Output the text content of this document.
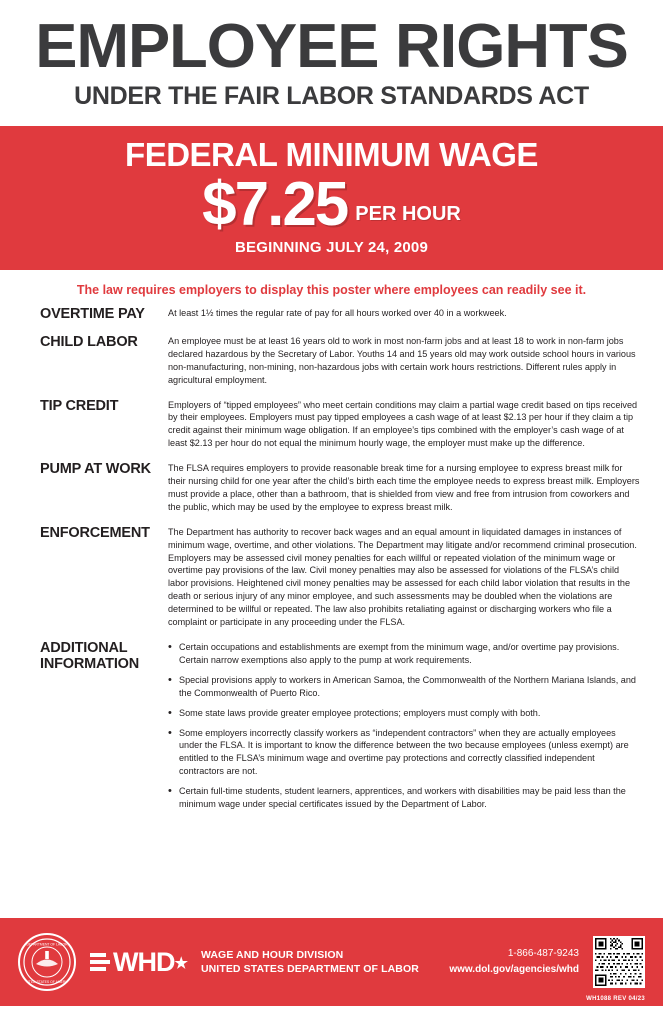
EMPLOYEE RIGHTS
UNDER THE FAIR LABOR STANDARDS ACT
FEDERAL MINIMUM WAGE
$7.25 PER HOUR
BEGINNING JULY 24, 2009
The law requires employers to display this poster where employees can readily see it.
OVERTIME PAY	At least 1½ times the regular rate of pay for all hours worked over 40 in a workweek.

CHILD LABOR	An employee must be at least 16 years old to work in most non-farm jobs and at least 18 to work in non-farm jobs declared hazardous by the Secretary of Labor. Youths 14 and 15 years old may work outside school hours in various non-manufacturing, non-mining, non-hazardous jobs with certain work hours restrictions. Different rules apply in agricultural employment.

TIP CREDIT	Employers of “tipped employees” who meet certain conditions may claim a partial wage credit based on tips received by their employees. Employers must pay tipped employees a cash wage of at least $2.13 per hour if they claim a tip credit against their minimum wage obligation. If an employee’s tips combined with the employer’s cash wage of at least $2.13 per hour do not equal the minimum hourly wage, the employer must make up the difference.

PUMP AT WORK	The FLSA requires employers to provide reasonable break time for a nursing employee to express breast milk for their nursing child for one year after the child’s birth each time the employee needs to express breast milk. Employers must provide a place, other than a bathroom, that is shielded from view and free from intrusion from coworkers and the public, which may be used by the employee to express breast milk.

ENFORCEMENT	The Department has authority to recover back wages and an equal amount in liquidated damages in instances of minimum wage, overtime, and other violations. The Department may litigate and/or recommend criminal prosecution. Employers may be assessed civil money penalties for each willful or repeated violation of the minimum wage or overtime pay provisions of the law. Civil money penalties may also be assessed for violations of the FLSA’s child labor provisions. Heightened civil money penalties may be assessed for each child labor violation that results in the death or serious injury of any minor employee, and such assessments may be doubled when the violations are determined to be willful or repeated. The law also prohibits retaliating against or discharging workers who file a complaint or participate in any proceeding under the FLSA.

ADDITIONAL
INFORMATION
• Certain occupations and establishments are exempt from the minimum wage, and/or overtime pay provisions. Certain narrow exemptions also apply to the pump at work requirements.
• Special provisions apply to workers in American Samoa, the Commonwealth of the Northern Mariana Islands, and the Commonwealth of Puerto Rico.
• Some state laws provide greater employee protections; employers must comply with both.
• Some employers incorrectly classify workers as “independent contractors” when they are actually employees under the FLSA. It is important to know the difference between the two because employees (unless exempt) are entitled to the FLSA’s minimum wage and overtime pay protections and correctly classified independent contractors are not.
• Certain full-time students, student learners, apprentices, and workers with disabilities may be paid less than the minimum wage under special certificates issued by the Department of Labor.
DEPARTMENT OF LABOR
UNITED STATES OF AMERICA
WHD★ WAGE AND HOUR DIVISION
UNITED STATES DEPARTMENT OF LABOR
1-866-487-9243
www.dol.gov/agencies/whd
WH1088 REV 04/23
